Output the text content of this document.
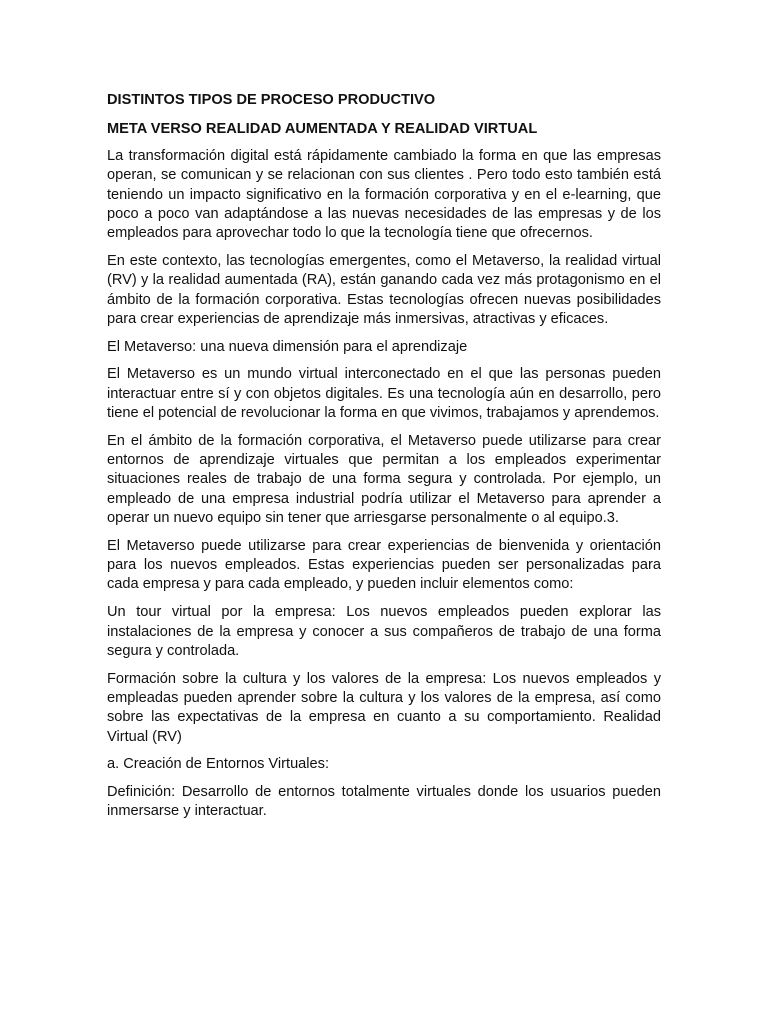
DISTINTOS TIPOS DE PROCESO PRODUCTIVO
META VERSO REALIDAD AUMENTADA Y REALIDAD VIRTUAL

La transformación digital está rápidamente cambiado la forma en que las empresas operan, se comunican y se relacionan con sus clientes . Pero todo esto también está teniendo un impacto significativo en la formación corporativa y en el e-learning, que poco a poco van adaptándose a las nuevas necesidades de las empresas y de los empleados para aprovechar todo lo que la tecnología tiene que ofrecernos.

En este contexto, las tecnologías emergentes, como el Metaverso, la realidad virtual (RV) y la realidad aumentada (RA), están ganando cada vez más protagonismo en el ámbito de la formación corporativa. Estas tecnologías ofrecen nuevas posibilidades para crear experiencias de aprendizaje más inmersivas, atractivas y eficaces.

El Metaverso: una nueva dimensión para el aprendizaje

El Metaverso es un mundo virtual interconectado en el que las personas pueden interactuar entre sí y con objetos digitales. Es una tecnología aún en desarrollo, pero tiene el potencial de revolucionar la forma en que vivimos, trabajamos y aprendemos.

En el ámbito de la formación corporativa, el Metaverso puede utilizarse para crear entornos de aprendizaje virtuales que permitan a los empleados experimentar situaciones reales de trabajo de una forma segura y controlada. Por ejemplo, un empleado de una empresa industrial podría utilizar el Metaverso para aprender a operar un nuevo equipo sin tener que arriesgarse personalmente o al equipo.3.

El Metaverso puede utilizarse para crear experiencias de bienvenida y orientación para los nuevos empleados. Estas experiencias pueden ser personalizadas para cada empresa y para cada empleado, y pueden incluir elementos como:

Un tour virtual por la empresa: Los nuevos empleados pueden explorar las instalaciones de la empresa y conocer a sus compañeros de trabajo de una forma segura y controlada.

Formación sobre la cultura y los valores de la empresa: Los nuevos empleados y empleadas pueden aprender sobre la cultura y los valores de la empresa, así como sobre las expectativas de la empresa en cuanto a su comportamiento. Realidad Virtual (RV)

a. Creación de Entornos Virtuales:

Definición: Desarrollo de entornos totalmente virtuales donde los usuarios pueden inmersarse y interactuar.
